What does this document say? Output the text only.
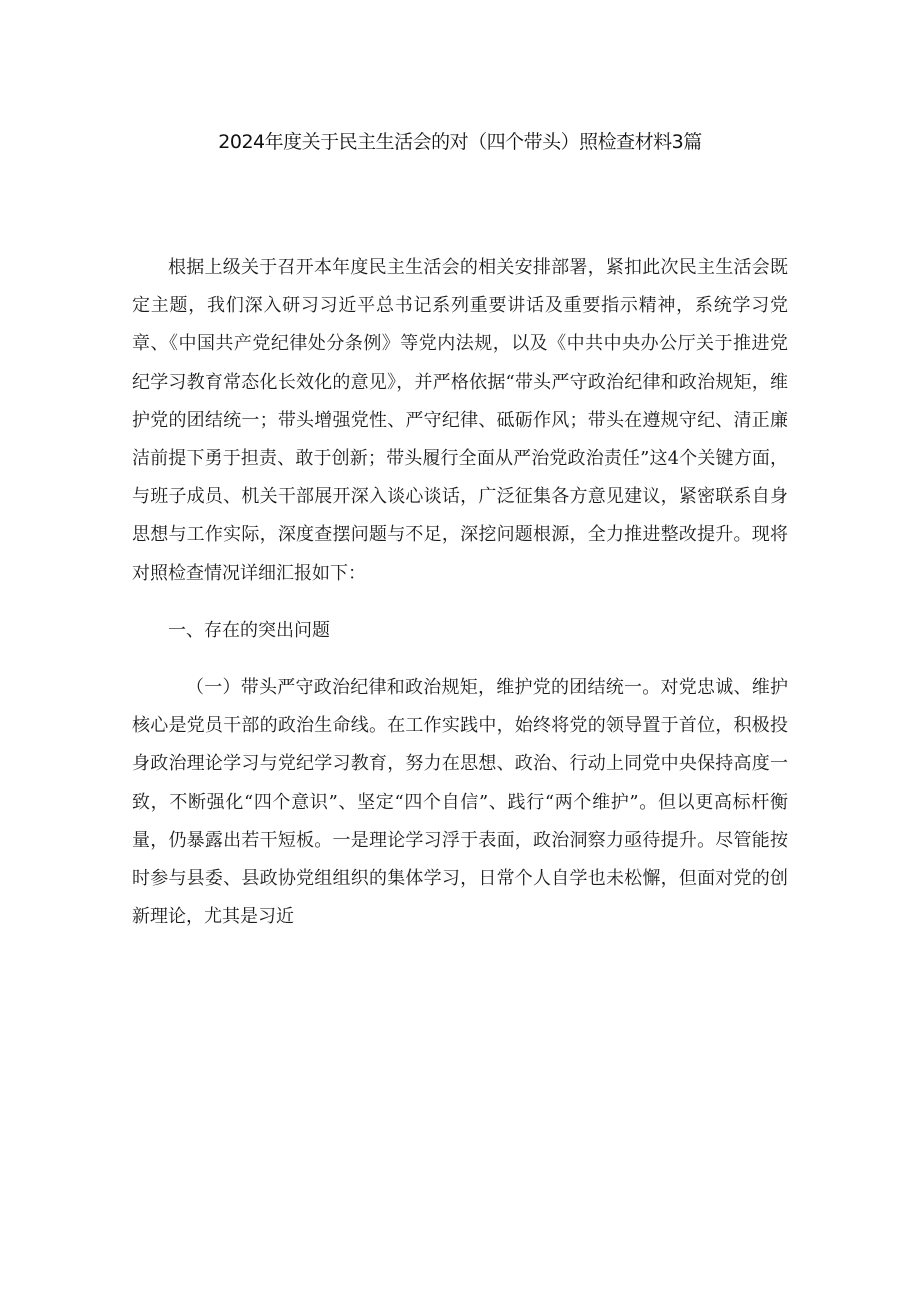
2024年度关于民主生活会的对（四个带头）照检查材料3篇

根据上级关于召开本年度民主生活会的相关安排部署，紧扣此次民主生活会既定主题，我们深入研习习近平总书记系列重要讲话及重要指示精神，系统学习党章、《中国共产党纪律处分条例》等党内法规，以及《中共中央办公厅关于推进党纪学习教育常态化长效化的意见》，并严格依据“带头严守政治纪律和政治规矩，维护党的团结统一；带头增强党性、严守纪律、砥砺作风；带头在遵规守纪、清正廉洁前提下勇于担责、敢于创新；带头履行全面从严治党政治责任”这4个关键方面，与班子成员、机关干部展开深入谈心谈话，广泛征集各方意见建议，紧密联系自身思想与工作实际，深度查摆问题与不足，深挖问题根源，全力推进整改提升。现将对照检查情况详细汇报如下：

一、存在的突出问题

（一）带头严守政治纪律和政治规矩，维护党的团结统一。对党忠诚、维护核心是党员干部的政治生命线。在工作实践中，始终将党的领导置于首位，积极投身政治理论学习与党纪学习教育，努力在思想、政治、行动上同党中央保持高度一致，不断强化“四个意识”、坚定“四个自信”、践行“两个维护”。但以更高标杆衡量，仍暴露出若干短板。一是理论学习浮于表面，政治洞察力亟待提升。尽管能按时参与县委、县政协党组组织的集体学习，日常个人自学也未松懈，但面对党的创新理论，尤其是习近
